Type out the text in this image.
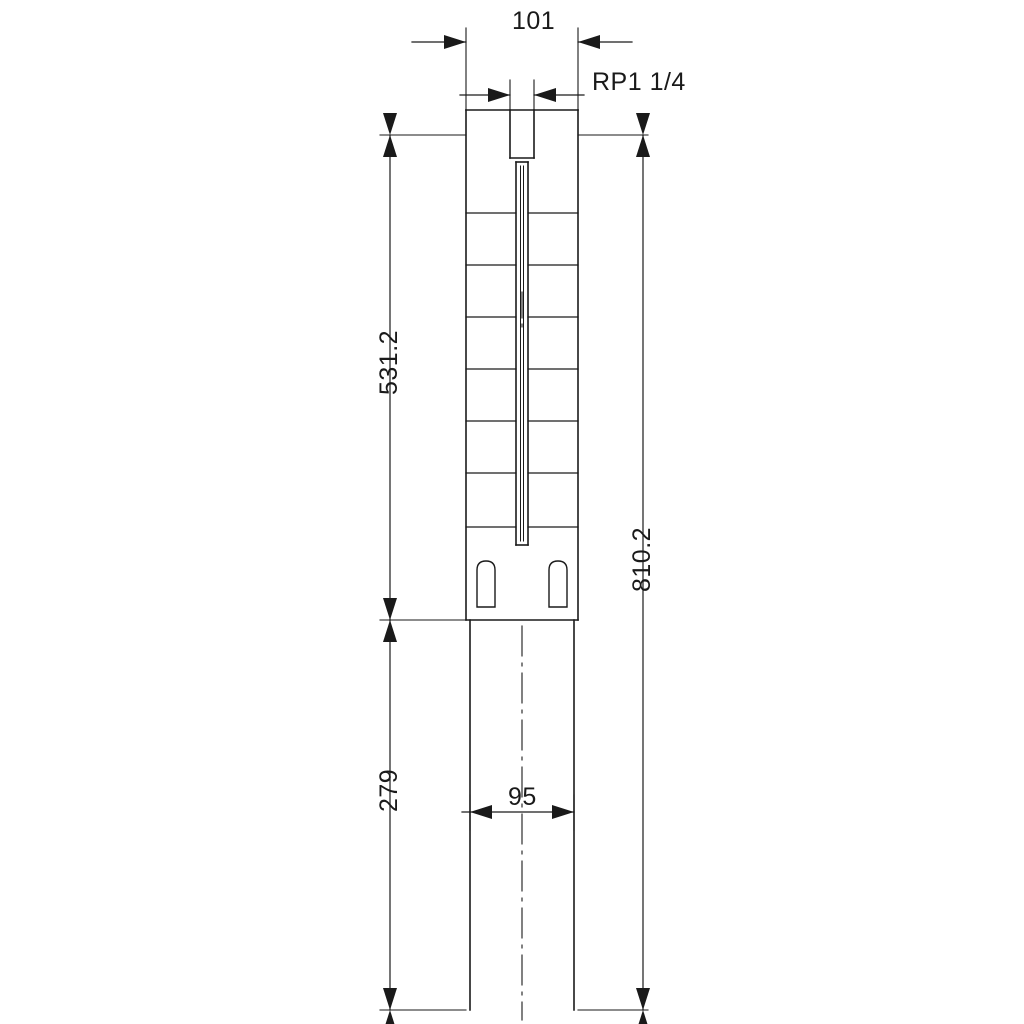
101
RP1 1/4
531.2
810.2
279	95
